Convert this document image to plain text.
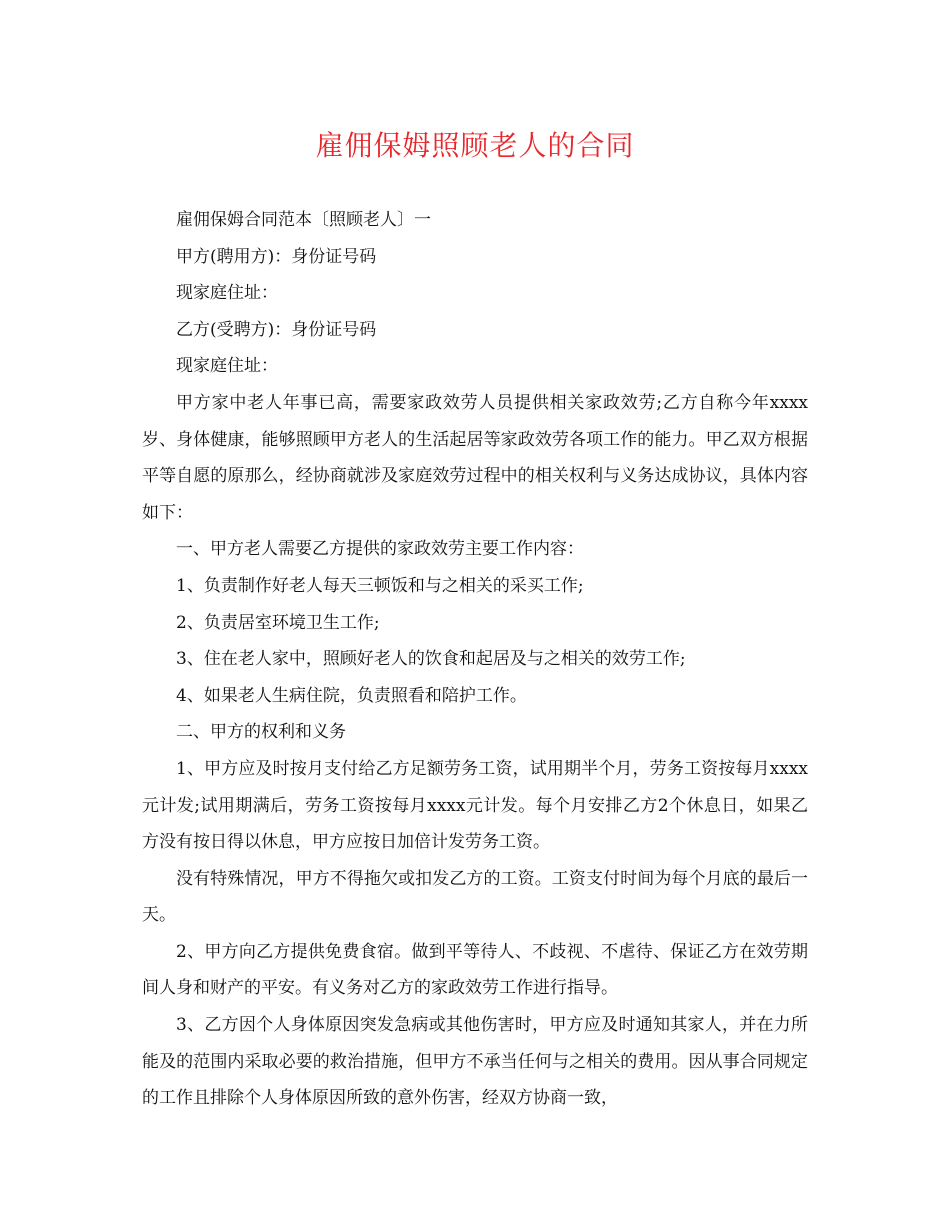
雇佣保姆照顾老人的合同

雇佣保姆合同范本〔照顾老人〕一

甲方(聘用方)：身份证号码

现家庭住址：

乙方(受聘方)：身份证号码

现家庭住址：

甲方家中老人年事已高，需要家政效劳人员提供相关家政效劳;乙方自称今年xxxx岁、身体健康，能够照顾甲方老人的生活起居等家政效劳各项工作的能力。甲乙双方根据平等自愿的原那么，经协商就涉及家庭效劳过程中的相关权利与义务达成协议，具体内容如下：

一、甲方老人需要乙方提供的家政效劳主要工作内容：

1、负责制作好老人每天三顿饭和与之相关的采买工作;

2、负责居室环境卫生工作;

3、住在老人家中，照顾好老人的饮食和起居及与之相关的效劳工作;

4、如果老人生病住院，负责照看和陪护工作。

二、甲方的权利和义务

1、甲方应及时按月支付给乙方足额劳务工资，试用期半个月，劳务工资按每月xxxx元计发;试用期满后，劳务工资按每月xxxx元计发。每个月安排乙方2个休息日，如果乙方没有按日得以休息，甲方应按日加倍计发劳务工资。

没有特殊情况，甲方不得拖欠或扣发乙方的工资。工资支付时间为每个月底的最后一天。

2、甲方向乙方提供免费食宿。做到平等待人、不歧视、不虐待、保证乙方在效劳期间人身和财产的平安。有义务对乙方的家政效劳工作进行指导。

3、乙方因个人身体原因突发急病或其他伤害时，甲方应及时通知其家人，并在力所能及的范围内采取必要的救治措施，但甲方不承当任何与之相关的费用。因从事合同规定的工作且排除个人身体原因所致的意外伤害，经双方协商一致，
